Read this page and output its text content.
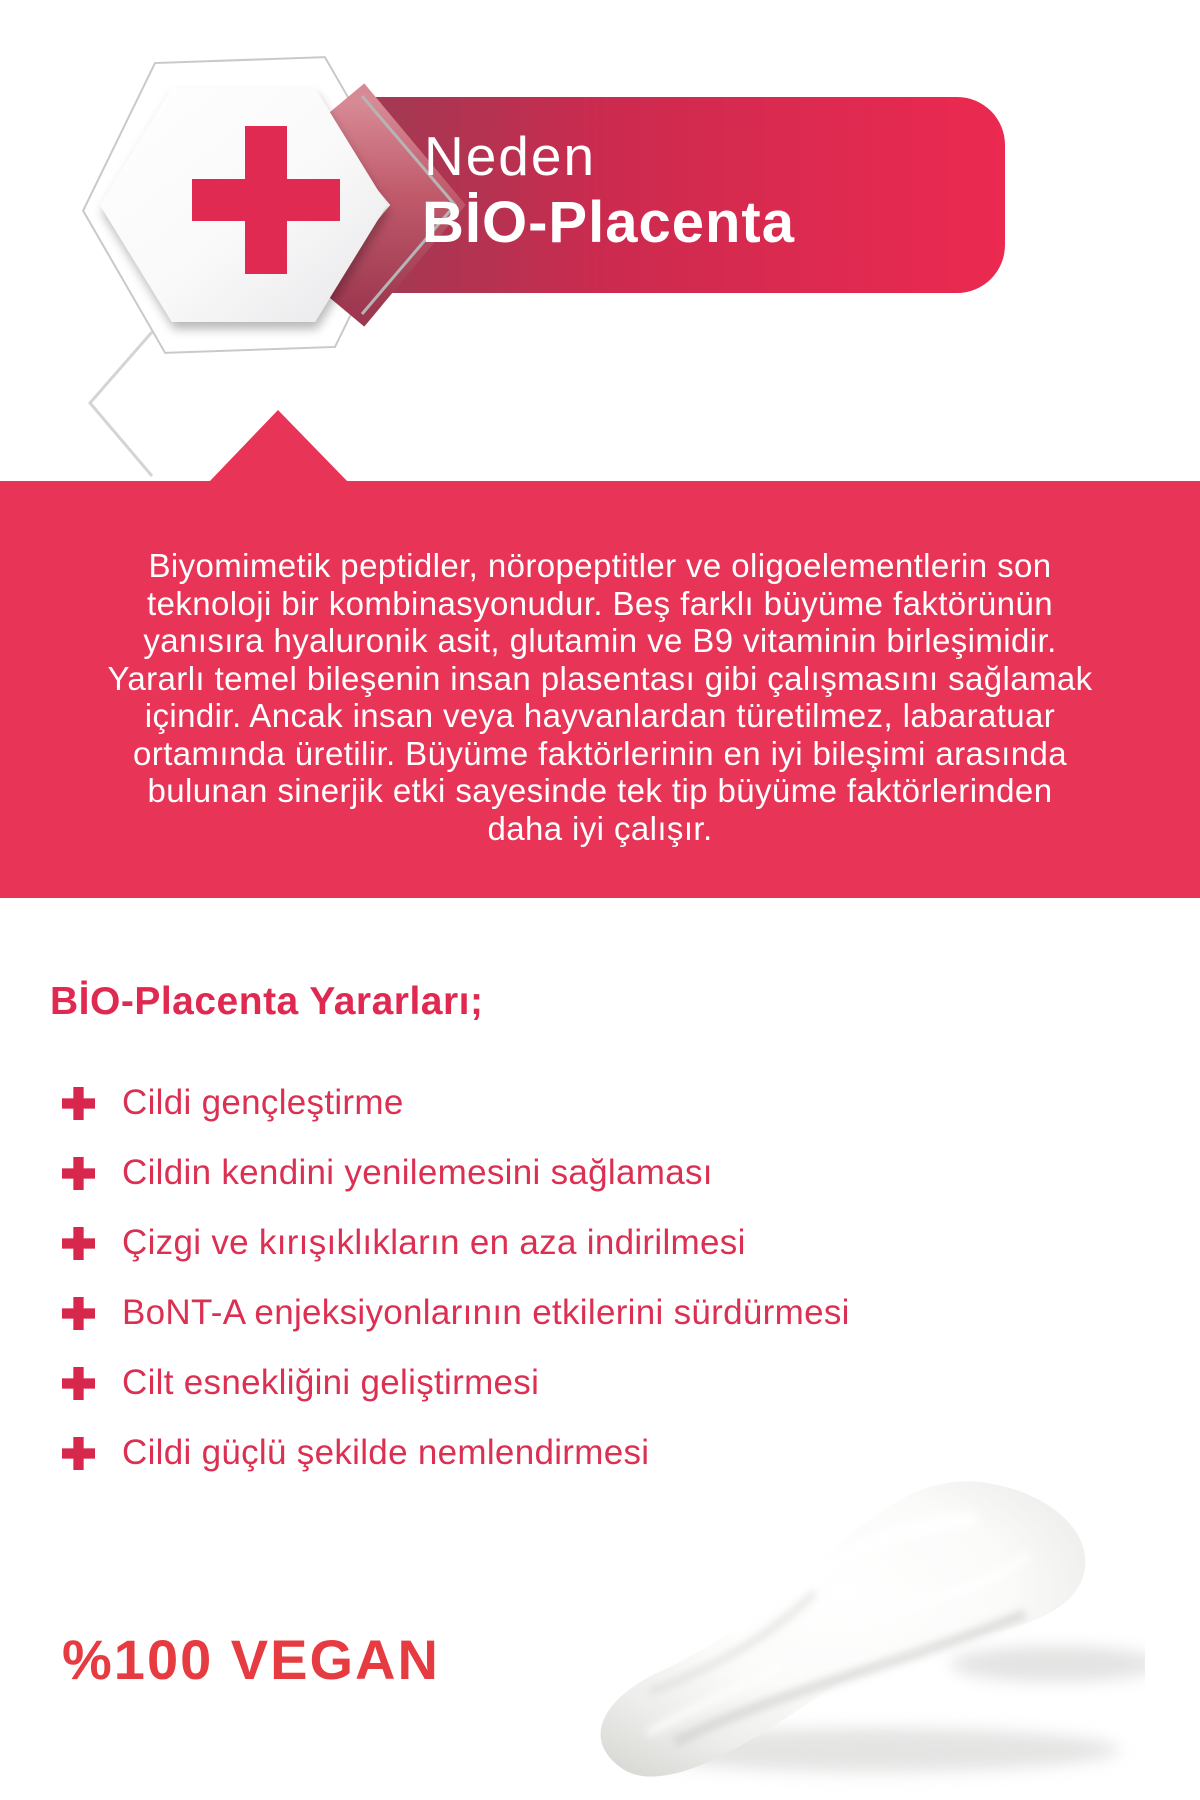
Neden
BİO-Placenta
Biyomimetik peptidler, nöropeptitler ve oligoelementlerin son
teknoloji bir kombinasyonudur. Beş farklı büyüme faktörünün
yanısıra hyaluronik asit, glutamin ve B9 vitaminin birleşimidir.
Yararlı temel bileşenin insan plasentası gibi çalışmasını sağlamak
içindir. Ancak insan veya hayvanlardan türetilmez, labaratuar
ortamında üretilir. Büyüme faktörlerinin en iyi bileşimi arasında
bulunan sinerjik etki sayesinde tek tip büyüme faktörlerinden
daha iyi çalışır.
BİO-Placenta Yararları;
Cildi gençleştirme
Cildin kendini yenilemesini sağlaması
Çizgi ve kırışıklıkların en aza indirilmesi
BoNT-A enjeksiyonlarının etkilerini sürdürmesi
Cilt esnekliğini geliştirmesi
Cildi güçlü şekilde nemlendirmesi
%100 VEGAN
